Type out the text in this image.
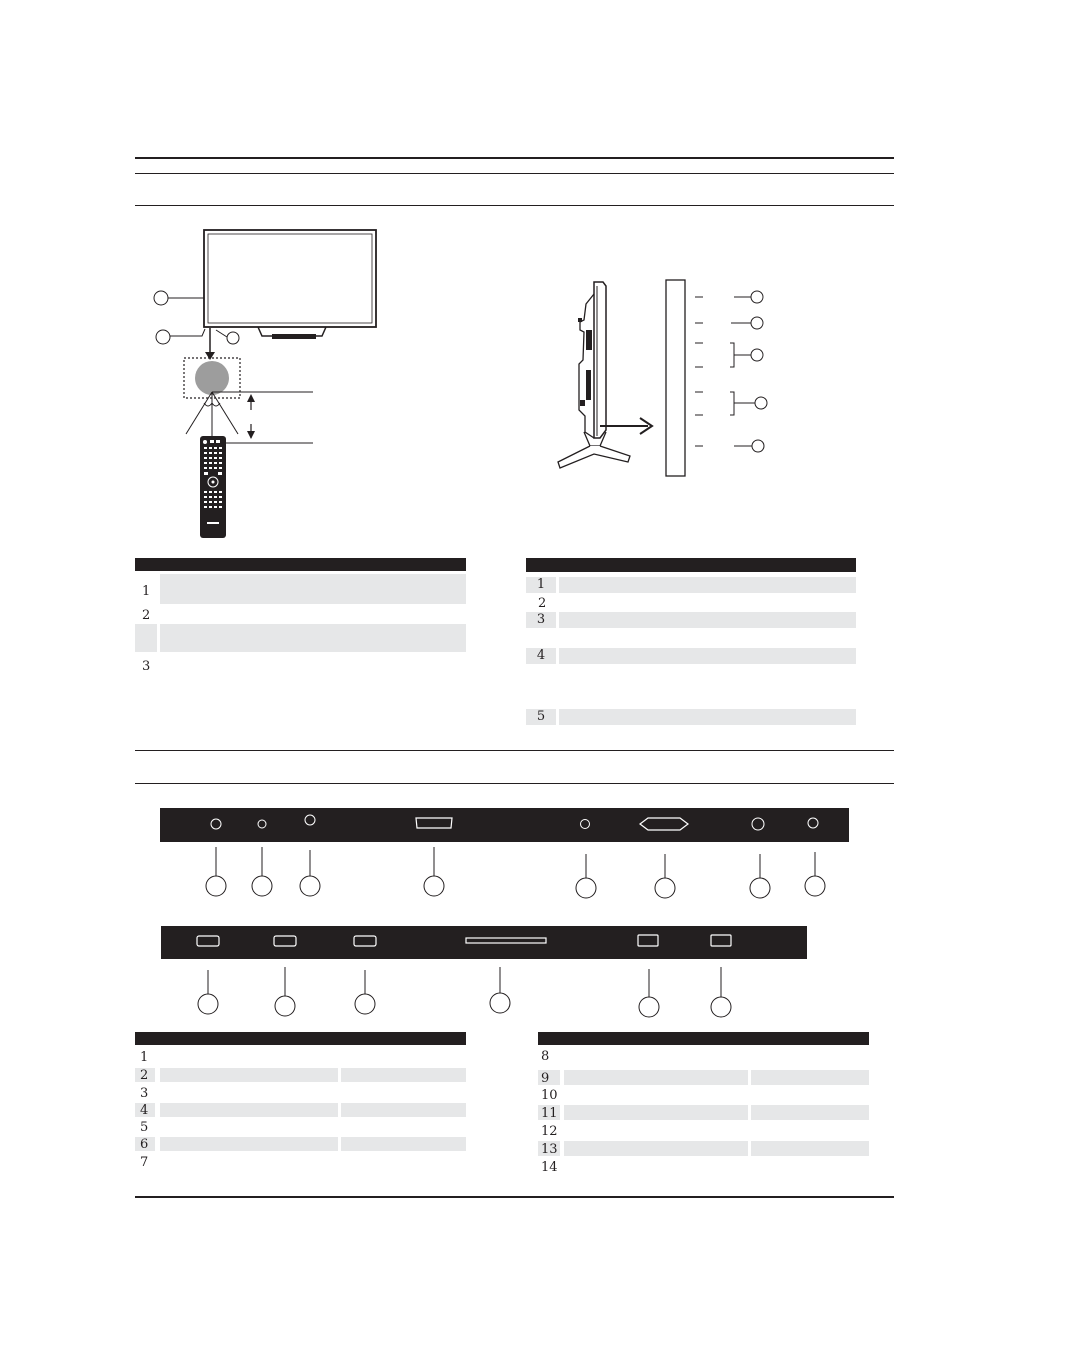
1
2
3
1
2
3
4
5
1
2
3
4
5
6
7
8
9
10
11
12
13
14
